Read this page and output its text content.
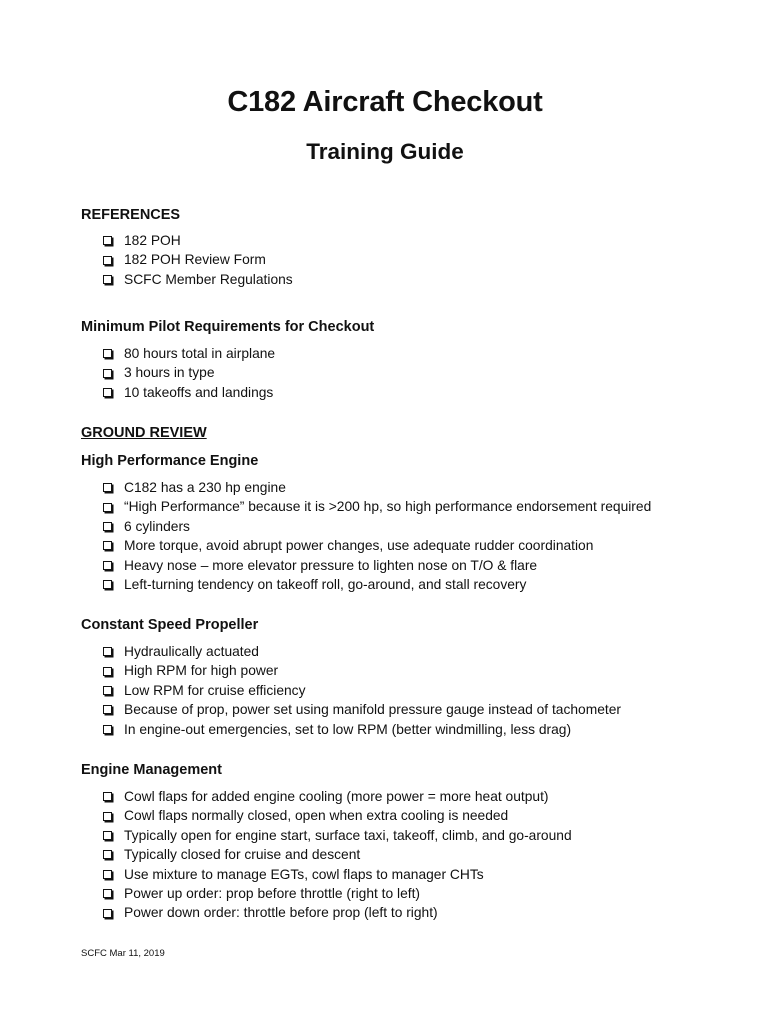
C182 Aircraft Checkout
Training Guide
REFERENCES
182 POH
182 POH Review Form
SCFC Member Regulations
Minimum Pilot Requirements for Checkout
80 hours total in airplane
3 hours in type
10 takeoffs and landings
GROUND REVIEW
High Performance Engine
C182 has a 230 hp engine
“High Performance” because it is >200 hp, so high performance endorsement required
6 cylinders
More torque, avoid abrupt power changes, use adequate rudder coordination
Heavy nose – more elevator pressure to lighten nose on T/O & flare
Left-turning tendency on takeoff roll, go-around, and stall recovery
Constant Speed Propeller
Hydraulically actuated
High RPM for high power
Low RPM for cruise efficiency
Because of prop, power set using manifold pressure gauge instead of tachometer
In engine-out emergencies, set to low RPM (better windmilling, less drag)
Engine Management
Cowl flaps for added engine cooling (more power = more heat output)
Cowl flaps normally closed, open when extra cooling is needed
Typically open for engine start, surface taxi, takeoff, climb, and go-around
Typically closed for cruise and descent
Use mixture to manage EGTs, cowl flaps to manager CHTs
Power up order: prop before throttle (right to left)
Power down order: throttle before prop (left to right)
SCFC Mar 11, 2019
